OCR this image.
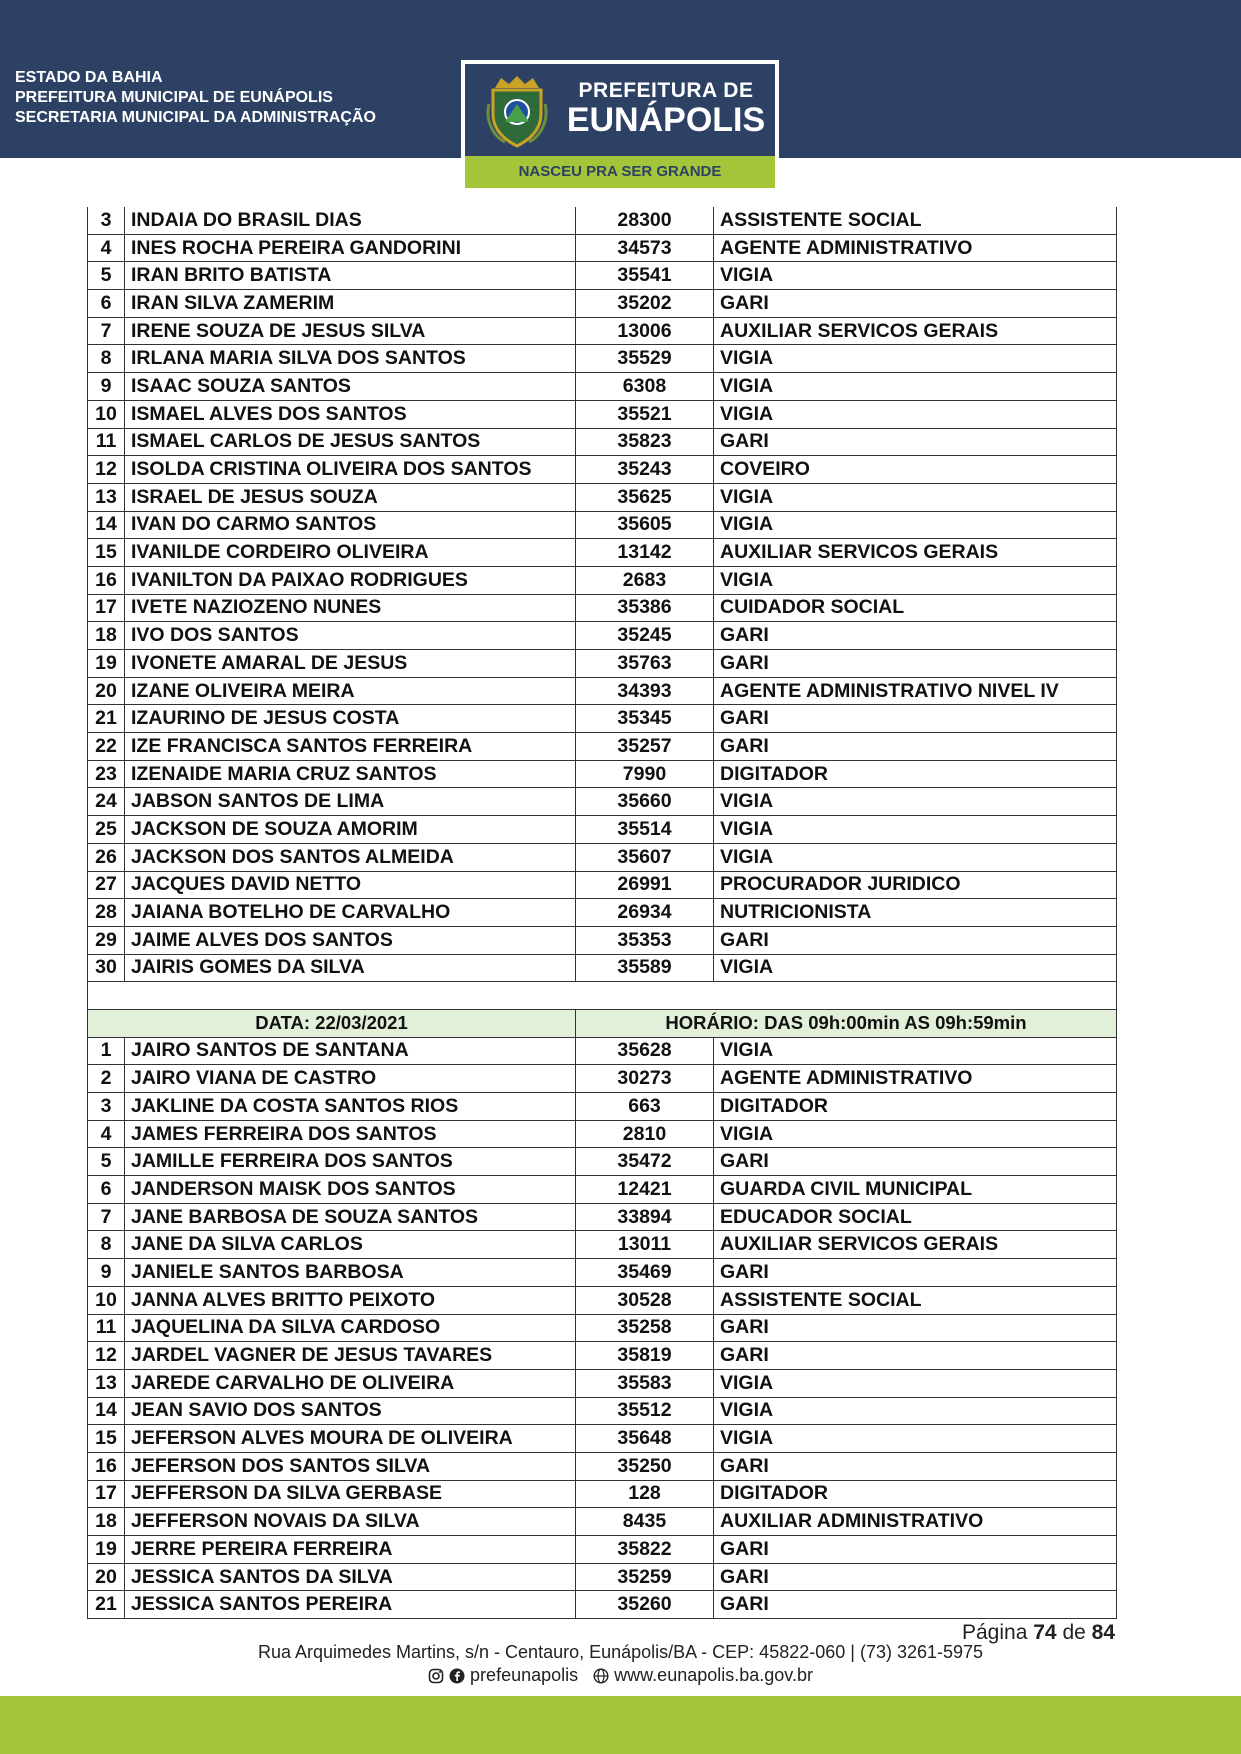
ESTADO DA BAHIA
PREFEITURA MUNICIPAL DE EUNÁPOLIS
SECRETARIA MUNICIPAL DA ADMINISTRAÇÃO
PREFEITURA DE
EUNÁPOLIS
NASCEU PRA SER GRANDE
3	INDAIA DO BRASIL DIAS	28300	ASSISTENTE SOCIAL
4	INES ROCHA PEREIRA GANDORINI	34573	AGENTE ADMINISTRATIVO
5	IRAN BRITO BATISTA	35541	VIGIA
6	IRAN SILVA ZAMERIM	35202	GARI
7	IRENE SOUZA DE JESUS SILVA	13006	AUXILIAR SERVICOS GERAIS
8	IRLANA MARIA SILVA DOS SANTOS	35529	VIGIA
9	ISAAC SOUZA SANTOS	6308	VIGIA
10	ISMAEL ALVES DOS SANTOS	35521	VIGIA
11	ISMAEL CARLOS DE JESUS SANTOS	35823	GARI
12	ISOLDA CRISTINA OLIVEIRA DOS SANTOS	35243	COVEIRO
13	ISRAEL DE JESUS SOUZA	35625	VIGIA
14	IVAN DO CARMO SANTOS	35605	VIGIA
15	IVANILDE CORDEIRO OLIVEIRA	13142	AUXILIAR SERVICOS GERAIS
16	IVANILTON DA PAIXAO RODRIGUES	2683	VIGIA
17	IVETE NAZIOZENO NUNES	35386	CUIDADOR SOCIAL
18	IVO DOS SANTOS	35245	GARI
19	IVONETE AMARAL DE JESUS	35763	GARI
20	IZANE OLIVEIRA MEIRA	34393	AGENTE ADMINISTRATIVO NIVEL IV
21	IZAURINO DE JESUS COSTA	35345	GARI
22	IZE FRANCISCA SANTOS FERREIRA	35257	GARI
23	IZENAIDE MARIA CRUZ SANTOS	7990	DIGITADOR
24	JABSON SANTOS DE LIMA	35660	VIGIA
25	JACKSON DE SOUZA AMORIM	35514	VIGIA
26	JACKSON DOS SANTOS ALMEIDA	35607	VIGIA
27	JACQUES DAVID NETTO	26991	PROCURADOR JURIDICO
28	JAIANA BOTELHO DE CARVALHO	26934	NUTRICIONISTA
29	JAIME ALVES DOS SANTOS	35353	GARI
30	JAIRIS GOMES DA SILVA	35589	VIGIA

DATA: 22/03/2021		HORÁRIO: DAS 09h:00min AS 09h:59min	
1	JAIRO SANTOS DE SANTANA	35628	VIGIA
2	JAIRO VIANA DE CASTRO	30273	AGENTE ADMINISTRATIVO
3	JAKLINE DA COSTA SANTOS RIOS	663	DIGITADOR
4	JAMES FERREIRA DOS SANTOS	2810	VIGIA
5	JAMILLE FERREIRA DOS SANTOS	35472	GARI
6	JANDERSON MAISK DOS SANTOS	12421	GUARDA CIVIL MUNICIPAL
7	JANE BARBOSA DE SOUZA SANTOS	33894	EDUCADOR SOCIAL
8	JANE DA SILVA CARLOS	13011	AUXILIAR SERVICOS GERAIS
9	JANIELE SANTOS BARBOSA	35469	GARI
10	JANNA ALVES BRITTO PEIXOTO	30528	ASSISTENTE SOCIAL
11	JAQUELINA DA SILVA CARDOSO	35258	GARI
12	JARDEL VAGNER DE JESUS TAVARES	35819	GARI
13	JAREDE CARVALHO DE OLIVEIRA	35583	VIGIA
14	JEAN SAVIO DOS SANTOS	35512	VIGIA
15	JEFERSON ALVES MOURA DE OLIVEIRA	35648	VIGIA
16	JEFERSON DOS SANTOS SILVA	35250	GARI
17	JEFFERSON DA SILVA GERBASE	128	DIGITADOR
18	JEFFERSON NOVAIS DA SILVA	8435	AUXILIAR ADMINISTRATIVO
19	JERRE PEREIRA FERREIRA	35822	GARI
20	JESSICA SANTOS DA SILVA	35259	GARI
21	JESSICA SANTOS PEREIRA	35260	GARI
Página 74 de 84
Rua Arquimedes Martins, s/n - Centauro, Eunápolis/BA - CEP: 45822-060 | (73) 3261-5975
prefeunapolis www.eunapolis.ba.gov.br
